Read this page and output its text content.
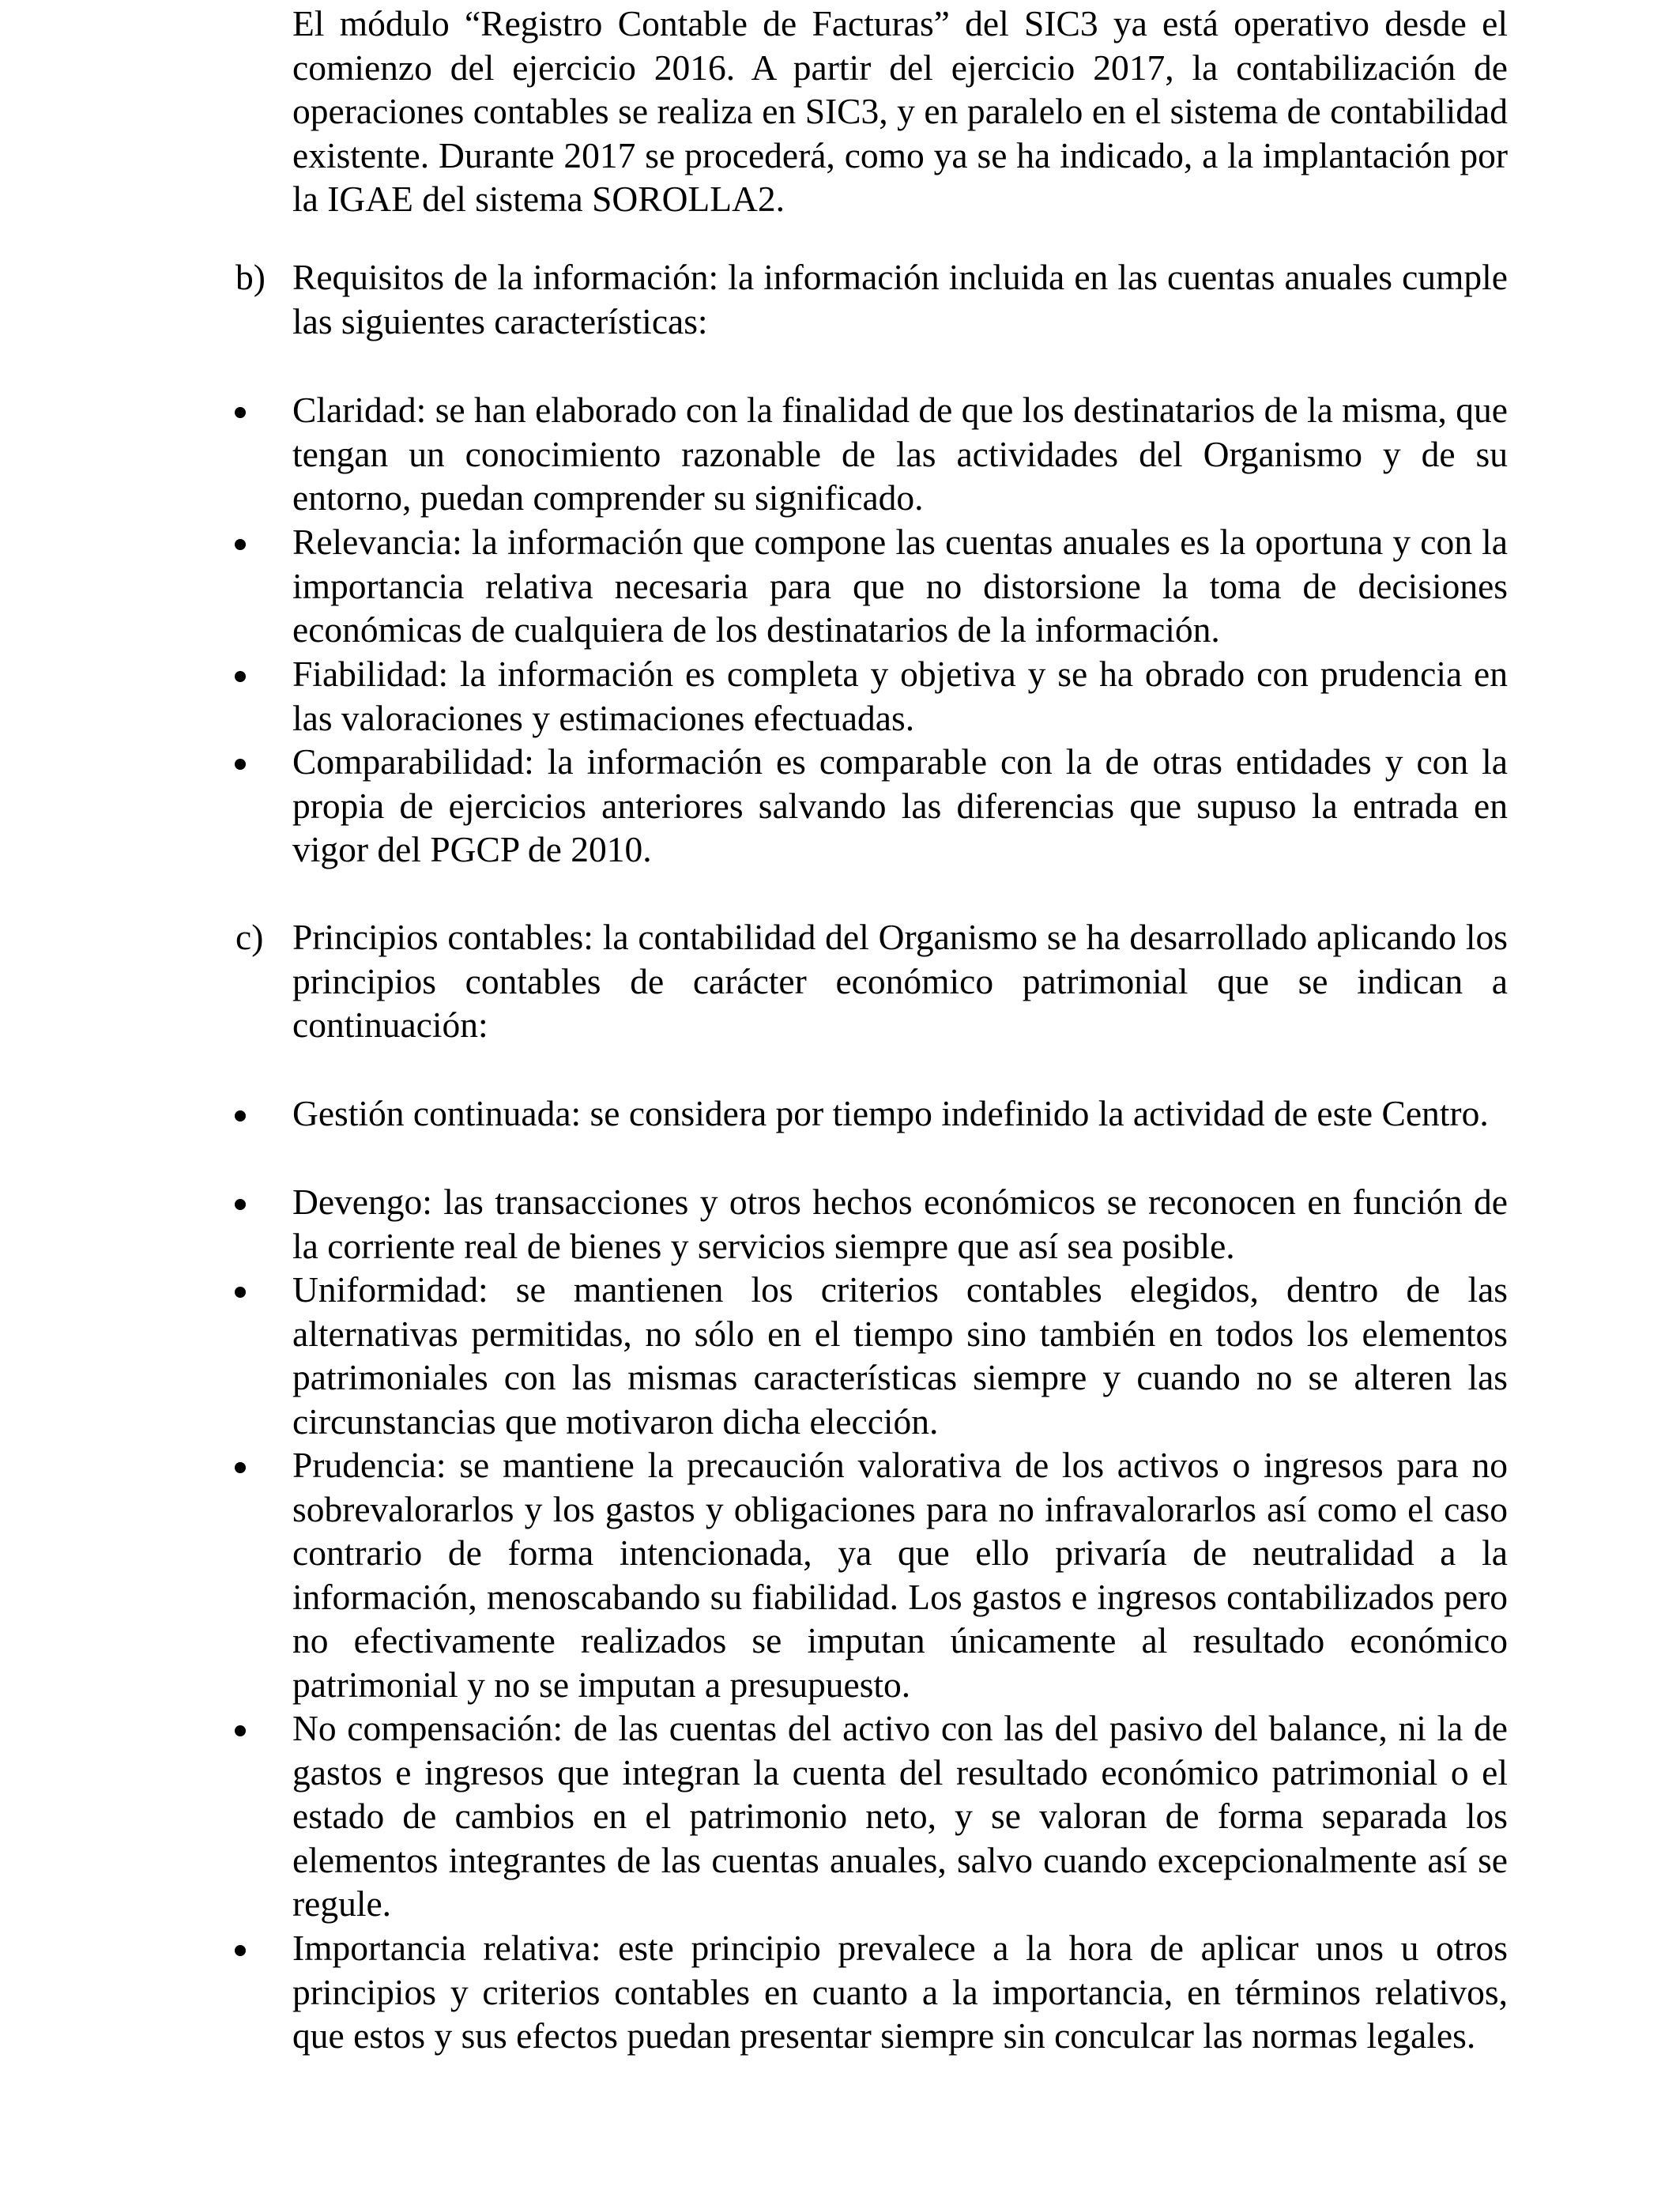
El módulo “Registro Contable de Facturas” del SIC3 ya está operativo desde el comienzo del ejercicio 2016. A partir del ejercicio 2017, la contabilización de operaciones contables se realiza en SIC3, y en paralelo en el sistema de contabilidad existente. Durante 2017 se procederá, como ya se ha indicado, a la implantación por la IGAE del sistema SOROLLA2.

b) Requisitos de la información: la información incluida en las cuentas anuales cumple las siguientes características:

Claridad: se han elaborado con la finalidad de que los destinatarios de la misma, que tengan un conocimiento razonable de las actividades del Organismo y de su entorno, puedan comprender su significado.

Relevancia: la información que compone las cuentas anuales es la oportuna y con la importancia relativa necesaria para que no distorsione la toma de decisiones económicas de cualquiera de los destinatarios de la información.

Fiabilidad: la información es completa y objetiva y se ha obrado con prudencia en las valoraciones y estimaciones efectuadas.

Comparabilidad: la información es comparable con la de otras entidades y con la propia de ejercicios anteriores salvando las diferencias que supuso la entrada en vigor del PGCP de 2010.

c) Principios contables: la contabilidad del Organismo se ha desarrollado aplicando los principios contables de carácter económico patrimonial que se indican a continuación:

Gestión continuada: se considera por tiempo indefinido la actividad de este Centro.

Devengo: las transacciones y otros hechos económicos se reconocen en función de la corriente real de bienes y servicios siempre que así sea posible.

Uniformidad: se mantienen los criterios contables elegidos, dentro de las alternativas permitidas, no sólo en el tiempo sino también en todos los elementos patrimoniales con las mismas características siempre y cuando no se alteren las circunstancias que motivaron dicha elección.

Prudencia: se mantiene la precaución valorativa de los activos o ingresos para no sobrevalorarlos y los gastos y obligaciones para no infravalorarlos así como el caso contrario de forma intencionada, ya que ello privaría de neutralidad a la información, menoscabando su fiabilidad. Los gastos e ingresos contabilizados pero no efectivamente realizados se imputan únicamente al resultado económico patrimonial y no se imputan a presupuesto.

No compensación: de las cuentas del activo con las del pasivo del balance, ni la de gastos e ingresos que integran la cuenta del resultado económico patrimonial o el estado de cambios en el patrimonio neto, y se valoran de forma separada los elementos integrantes de las cuentas anuales, salvo cuando excepcionalmente así se regule.

Importancia relativa: este principio prevalece a la hora de aplicar unos u otros principios y criterios contables en cuanto a la importancia, en términos relativos, que estos y sus efectos puedan presentar siempre sin conculcar las normas legales.
